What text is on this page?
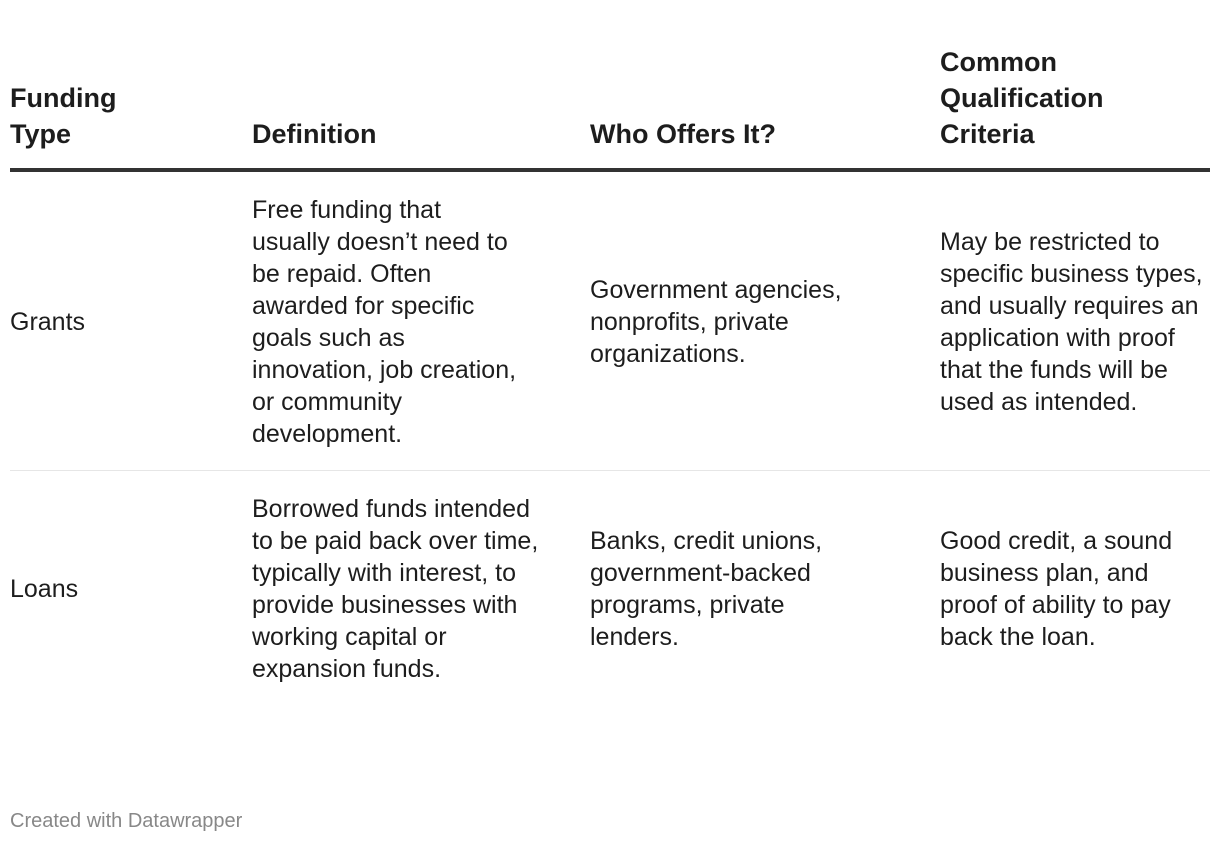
Funding Type	Definition	Who Offers It?	Common Qualification Criteria
Grants	Free funding that usually doesn’t need to be repaid. Often awarded for specific goals such as innovation, job creation, or community development.	Government agencies, nonprofits, private organizations.	May be restricted to specific business types, and usually requires an application with proof that the funds will be used as intended.
Loans	Borrowed funds intended to be paid back over time, typically with interest, to provide businesses with working capital or expansion funds.	Banks, credit unions, government-backed programs, private lenders.	Good credit, a sound business plan, and proof of ability to pay back the loan.
Created with Datawrapper
